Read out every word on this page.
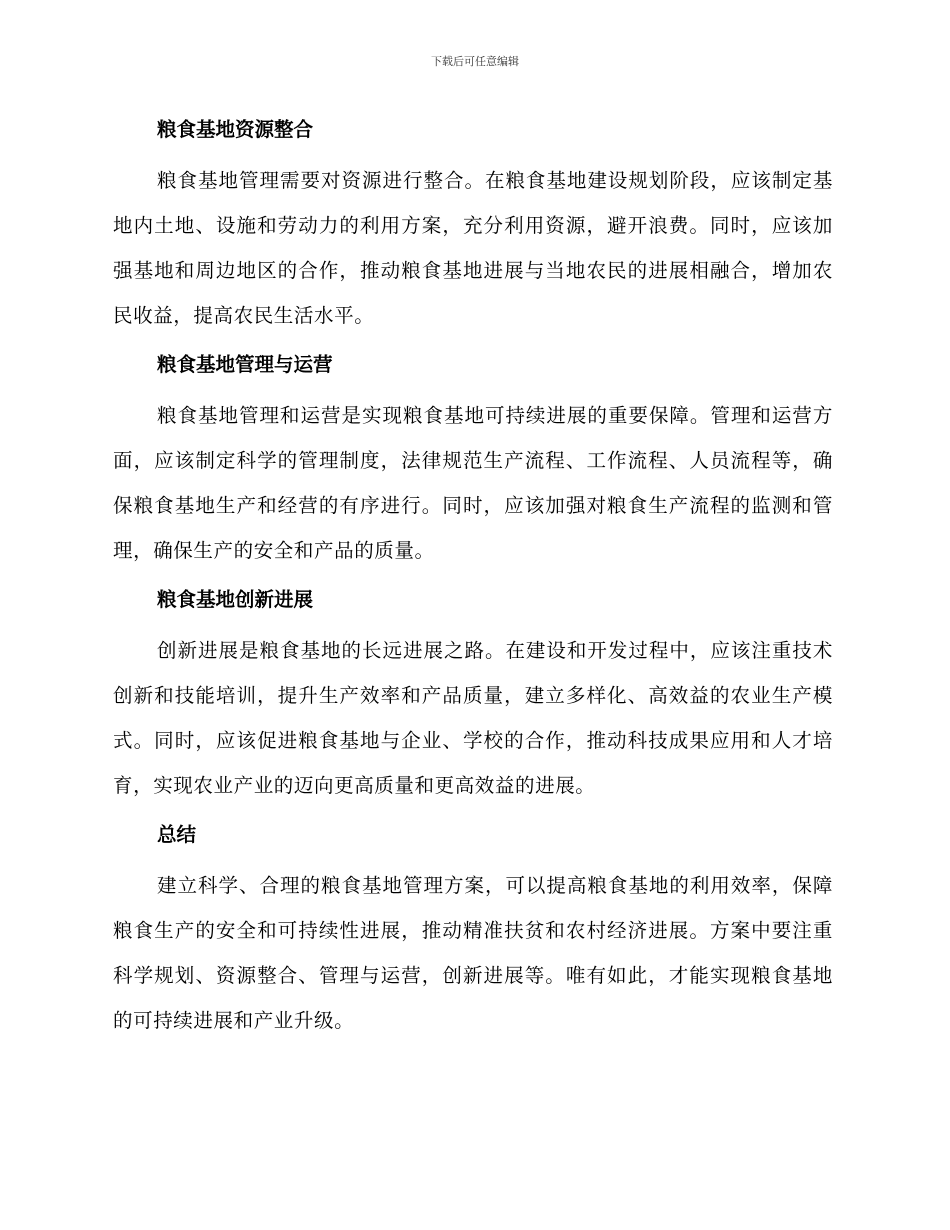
下载后可任意编辑
粮食基地资源整合

粮食基地管理需要对资源进行整合。在粮食基地建设规划阶段，应该制定基地内土地、设施和劳动力的利用方案，充分利用资源，避开浪费。同时，应该加强基地和周边地区的合作，推动粮食基地进展与当地农民的进展相融合，增加农民收益，提高农民生活水平。

粮食基地管理与运营

粮食基地管理和运营是实现粮食基地可持续进展的重要保障。管理和运营方面，应该制定科学的管理制度，法律规范生产流程、工作流程、人员流程等，确保粮食基地生产和经营的有序进行。同时，应该加强对粮食生产流程的监测和管理，确保生产的安全和产品的质量。

粮食基地创新进展

创新进展是粮食基地的长远进展之路。在建设和开发过程中，应该注重技术创新和技能培训，提升生产效率和产品质量，建立多样化、高效益的农业生产模式。同时，应该促进粮食基地与企业、学校的合作，推动科技成果应用和人才培育，实现农业产业的迈向更高质量和更高效益的进展。

总结

建立科学、合理的粮食基地管理方案，可以提高粮食基地的利用效率，保障粮食生产的安全和可持续性进展，推动精准扶贫和农村经济进展。方案中要注重科学规划、资源整合、管理与运营，创新进展等。唯有如此，才能实现粮食基地的可持续进展和产业升级。
